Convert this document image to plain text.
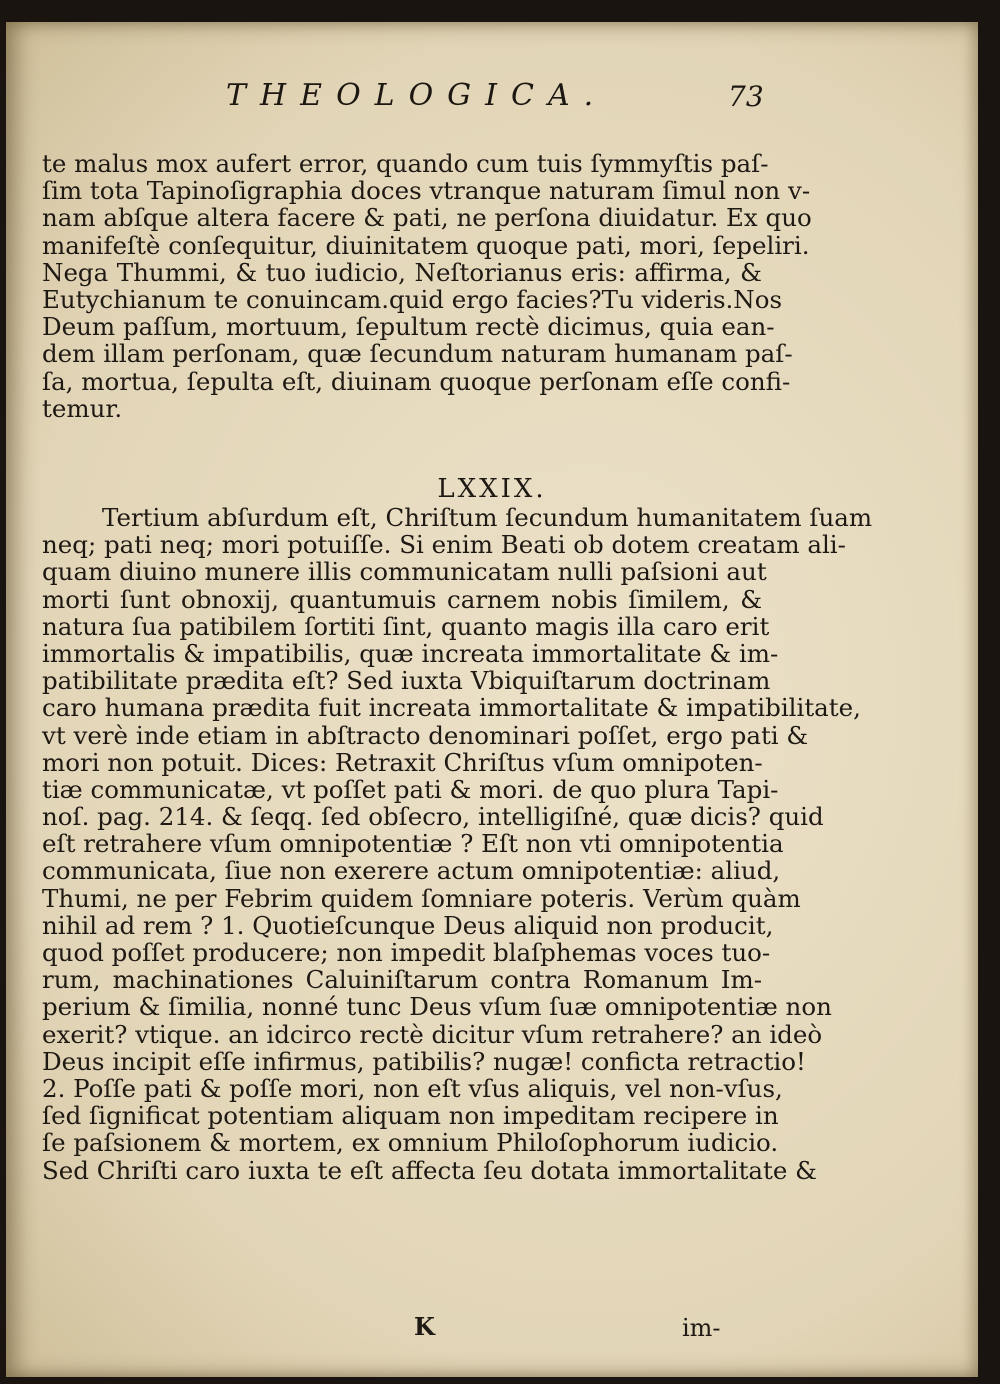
THEOLOGICA.	73
te malus mox aufert error, quando cum tuis ſymmyſtis paſ-
ſim tota Tapinoſigraphia doces vtranque naturam ſimul non v-
nam abſque altera facere & pati, ne perſona diuidatur. Ex quo
manifeſtè conſequitur, diuinitatem quoque pati, mori, ſepeliri.
Nega Thummi, & tuo iudicio, Neſtorianus eris: affirma, &
Eutychianum te conuincam.quid ergo facies?Tu videris.Nos
Deum paſſum, mortuum, ſepultum rectè dicimus, quia ean-
dem illam perſonam, quæ ſecundum naturam humanam paſ-
ſa, mortua, ſepulta eſt, diuinam quoque perſonam eſſe confi-
temur.
LXXIX.
Tertium abſurdum eſt, Chriſtum ſecundum humanitatem ſuam
neq; pati neq; mori potuiſſe. Si enim Beati ob dotem creatam ali-
quam diuino munere illis communicatam nulli paſsioni aut
morti ſunt obnoxij, quantumuis carnem nobis ſimilem, &
natura ſua patibilem ſortiti ſint, quanto magis illa caro erit
immortalis & impatibilis, quæ increata immortalitate & im-
patibilitate prædita eſt? Sed iuxta Vbiquiſtarum doctrinam
caro humana prædita fuit increata immortalitate & impatibilitate,
vt verè inde etiam in abſtracto denominari poſſet, ergo pati &
mori non potuit. Dices: Retraxit Chriſtus vſum omnipoten-
tiæ communicatæ, vt poſſet pati & mori. de quo plura Tapi-
noſ. pag. 214. & ſeqq. ſed obſecro, intelligiſné, quæ dicis? quid
eſt retrahere vſum omnipotentiæ ? Eſt non vti omnipotentia
communicata, ſiue non exerere actum omnipotentiæ: aliud,
Thumi, ne per Febrim quidem ſomniare poteris. Verùm quàm
nihil ad rem ? 1. Quotieſcunque Deus aliquid non producit,
quod poſſet producere; non impedit blaſphemas voces tuo-
rum, machinationes Caluiniſtarum contra Romanum Im-
perium & ſimilia, nonné tunc Deus vſum ſuæ omnipotentiæ non
exerit? vtique. an idcirco rectè dicitur vſum retrahere? an ideò
Deus incipit eſſe infirmus, patibilis? nugæ! confictа retractio!
2. Poſſe pati & poſſe mori, non eſt vſus aliquis, vel non-vſus,
ſed ſignificat potentiam aliquam non impeditam recipere in
ſe paſsionem & mortem, ex omnium Philoſophorum iudicio.
Sed Chriſti caro iuxta te eſt affecta ſeu dotata immortalitate &
K	im-
